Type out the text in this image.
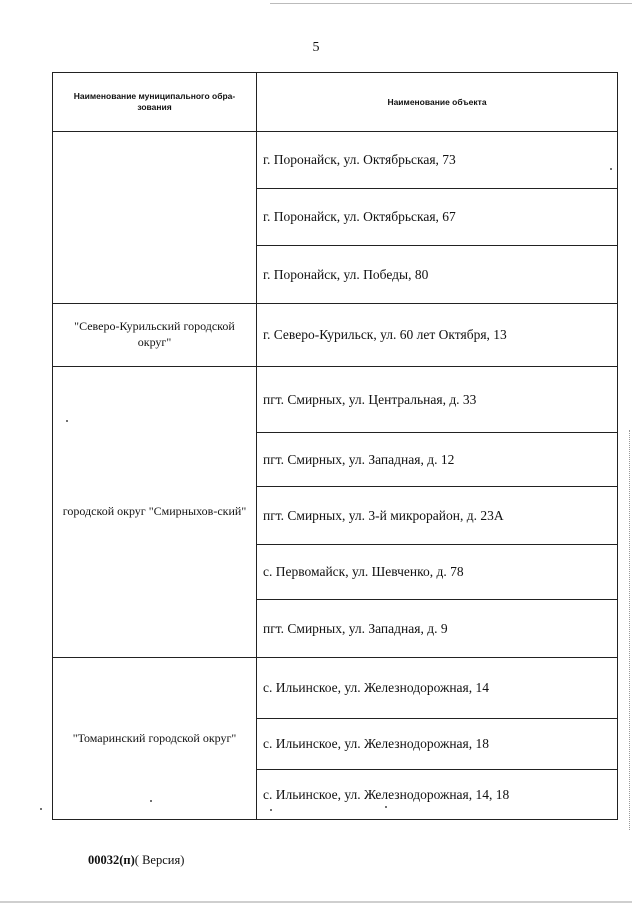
5
Наименование муниципального обра-зования	Наименование объекта
	г. Поронайск, ул. Октябрьская, 73
	г. Поронайск, ул. Октябрьская, 67
	г. Поронайск, ул. Победы, 80
"Северо-Курильский городской округ"	г. Северо-Курильск, ул. 60 лет Октября, 13
городской округ "Смирныхов-ский"	пгт. Смирных, ул. Центральная, д. 33
	пгт. Смирных, ул. Западная, д. 12
	пгт. Смирных, ул. 3-й микрорайон, д. 23А
	с. Первомайск, ул. Шевченко, д. 78
	пгт. Смирных, ул. Западная, д. 9
"Томаринский городской округ"	с. Ильинское, ул. Железнодорожная, 14
	с. Ильинское, ул. Железнодорожная, 18
	с. Ильинское, ул. Железнодорожная, 14, 18
00032(п)( Версия)
